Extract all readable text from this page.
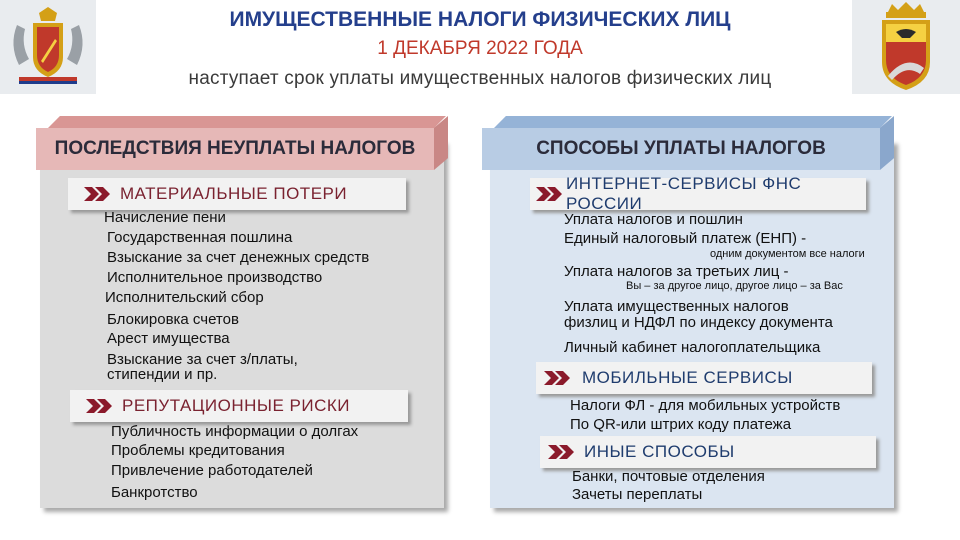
ИМУЩЕСТВЕННЫЕ НАЛОГИ ФИЗИЧЕСКИХ ЛИЦ
1 ДЕКАБРЯ 2022 ГОДА
наступает срок уплаты имущественных налогов физических лиц
ПОСЛЕДСТВИЯ НЕУПЛАТЫ НАЛОГОВ
МАТЕРИАЛЬНЫЕ ПОТЕРИ
Начисление пени
Государственная пошлина
Взыскание за счет денежных средств
Исполнительное производство
Исполнительский сбор
Блокировка счетов
Арест имущества
Взыскание за счет з/платы,
стипендии и пр.
РЕПУТАЦИОННЫЕ РИСКИ
Публичность информации о долгах
Проблемы кредитования
Привлечение работодателей
Банкротство
СПОСОБЫ УПЛАТЫ НАЛОГОВ
ИНТЕРНЕТ-СЕРВИСЫ ФНС РОССИИ
Уплата налогов и пошлин
Единый налоговый платеж (ЕНП) -
одним документом все налоги
Уплата налогов за третьих лиц -
Вы – за другое лицо, другое лицо – за Вас
Уплата имущественных налогов
физлиц и НДФЛ по индексу документа
Личный кабинет налогоплательщика
МОБИЛЬНЫЕ СЕРВИСЫ
Налоги ФЛ - для мобильных устройств
По QR-или штрих коду платежа
ИНЫЕ СПОСОБЫ
Банки, почтовые отделения
Зачеты переплаты
